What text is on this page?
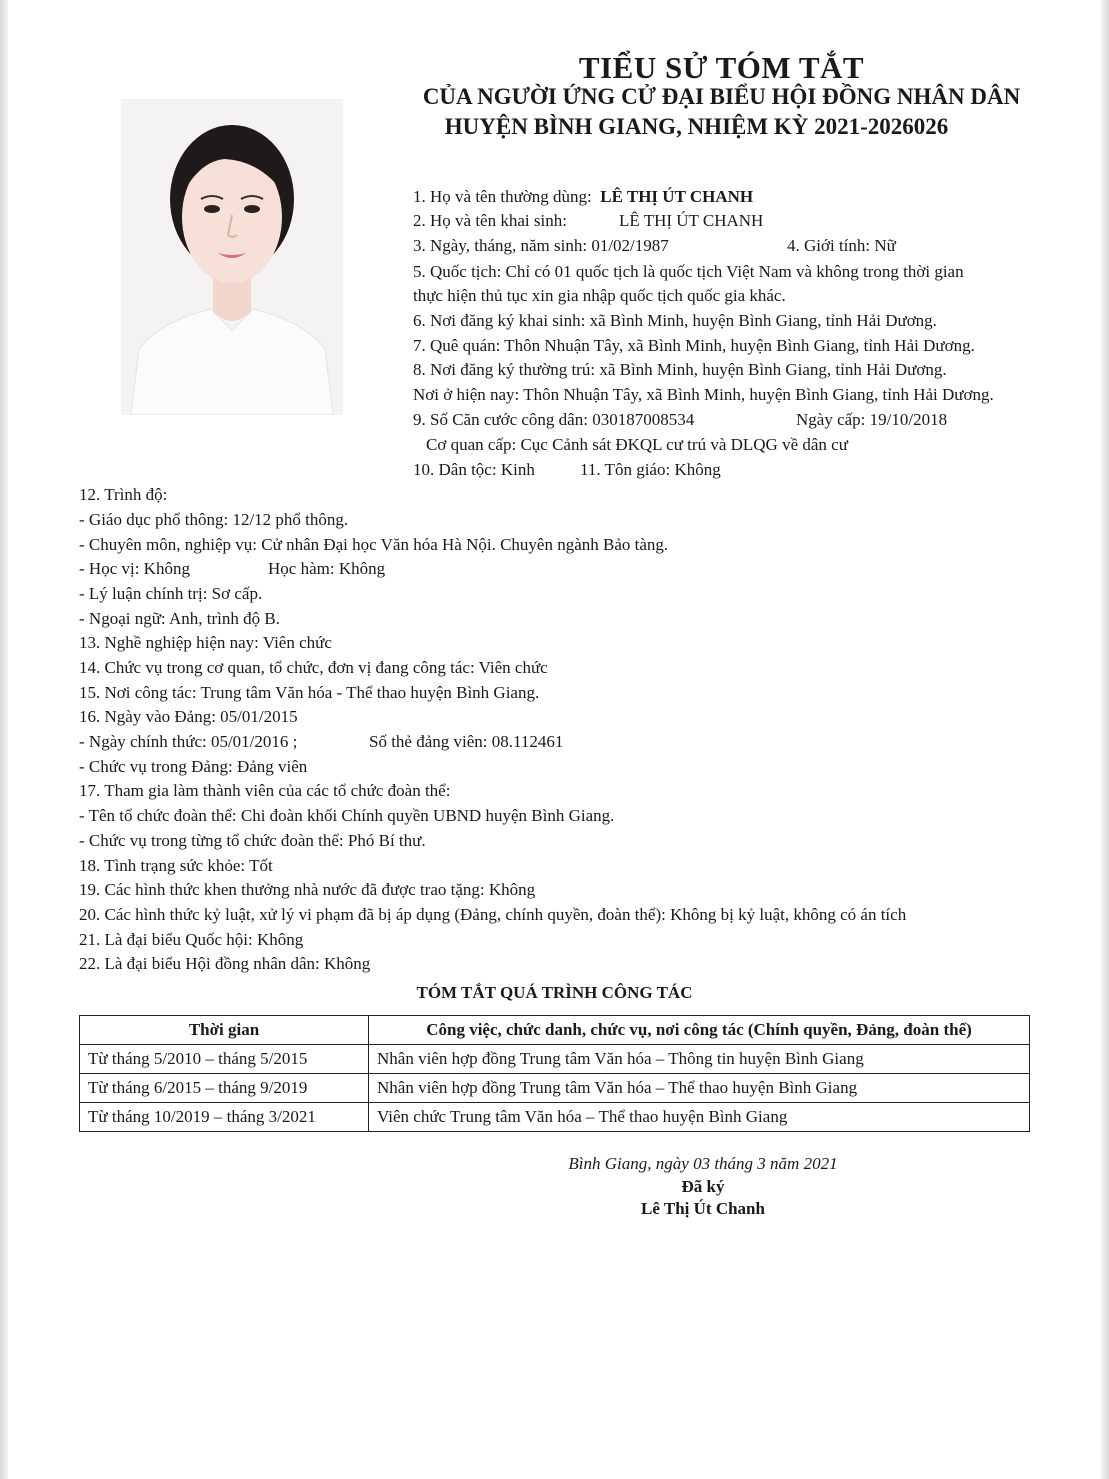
TIỂU SỬ TÓM TẮT
CỦA NGƯỜI ỨNG CỬ ĐẠI BIỂU HỘI ĐỒNG NHÂN DÂN
HUYỆN BÌNH GIANG, NHIỆM KỲ 2021-2026026
1. Họ và tên thường dùng: LÊ THỊ ÚT CHANH
2. Họ và tên khai sinh:	LÊ THỊ ÚT CHANH
3. Ngày, tháng, năm sinh: 01/02/1987	4. Giới tính: Nữ
5. Quốc tịch: Chỉ có 01 quốc tịch là quốc tịch Việt Nam và không trong thời gian
thực hiện thủ tục xin gia nhập quốc tịch quốc gia khác.
6. Nơi đăng ký khai sinh: xã Bình Minh, huyện Bình Giang, tỉnh Hải Dương.
7. Quê quán: Thôn Nhuận Tây, xã Bình Minh, huyện Bình Giang, tỉnh Hải Dương.
8. Nơi đăng ký thường trú: xã Bình Minh, huyện Bình Giang, tỉnh Hải Dương.
Nơi ở hiện nay: Thôn Nhuận Tây, xã Bình Minh, huyện Bình Giang, tỉnh Hải Dương.
9. Số Căn cước công dân: 030187008534	Ngày cấp: 19/10/2018
Cơ quan cấp: Cục Cảnh sát ĐKQL cư trú và DLQG về dân cư
10. Dân tộc: Kinh	11. Tôn giáo: Không
12. Trình độ:
- Giáo dục phổ thông: 12/12 phổ thông.
- Chuyên môn, nghiệp vụ: Cử nhân Đại học Văn hóa Hà Nội. Chuyên ngành Bảo tàng.
- Học vị: Không	Học hàm: Không
- Lý luận chính trị: Sơ cấp.
- Ngoại ngữ: Anh, trình độ B.
13. Nghề nghiệp hiện nay: Viên chức
14. Chức vụ trong cơ quan, tổ chức, đơn vị đang công tác: Viên chức
15. Nơi công tác: Trung tâm Văn hóa - Thể thao huyện Bình Giang.
16. Ngày vào Đảng: 05/01/2015
- Ngày chính thức: 05/01/2016 ;	Số thẻ đảng viên: 08.112461
- Chức vụ trong Đảng: Đảng viên
17. Tham gia làm thành viên của các tổ chức đoàn thể:
- Tên tổ chức đoàn thể: Chi đoàn khối Chính quyền UBND huyện Bình Giang.
- Chức vụ trong từng tổ chức đoàn thể: Phó Bí thư.
18. Tình trạng sức khỏe: Tốt
19. Các hình thức khen thưởng nhà nước đã được trao tặng: Không
20. Các hình thức kỷ luật, xử lý vi phạm đã bị áp dụng (Đảng, chính quyền, đoàn thể): Không bị kỷ luật, không có án tích
21. Là đại biểu Quốc hội: Không
22. Là đại biểu Hội đồng nhân dân: Không
TÓM TẮT QUÁ TRÌNH CÔNG TÁC
Thời gian	Công việc, chức danh, chức vụ, nơi công tác (Chính quyền, Đảng, đoàn thể)
Từ tháng 5/2010 – tháng 5/2015	Nhân viên hợp đồng Trung tâm Văn hóa – Thông tin huyện Bình Giang
Từ tháng 6/2015 – tháng 9/2019	Nhân viên hợp đồng Trung tâm Văn hóa – Thể thao huyện Bình Giang
Từ tháng 10/2019 – tháng 3/2021	Viên chức Trung tâm Văn hóa – Thể thao huyện Bình Giang
Bình Giang, ngày 03 tháng 3 năm 2021
Đã ký
Lê Thị Út Chanh
